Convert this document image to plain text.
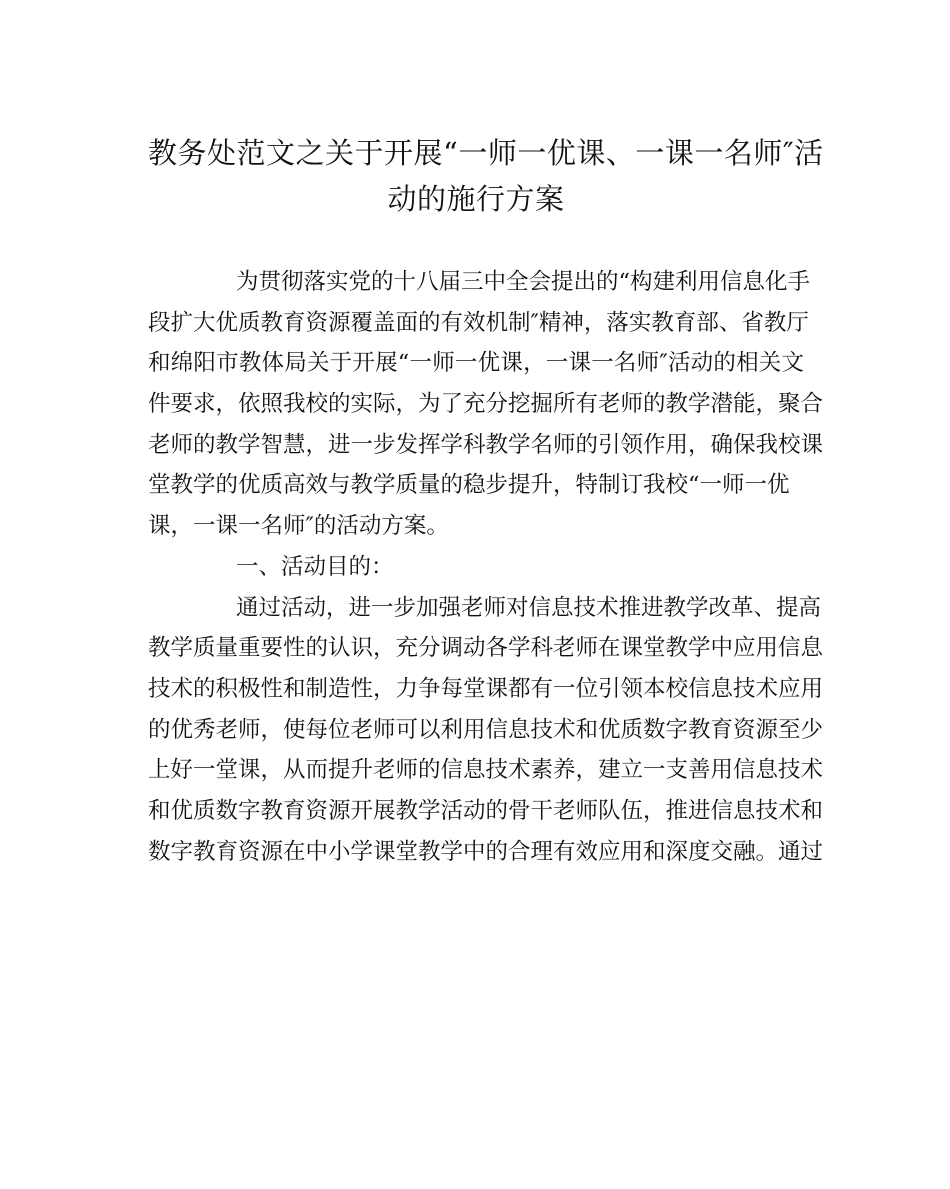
教务处范文之关于开展“一师一优课、一课一名师″活
动的施行方案
为贯彻落实党的十八届三中全会提出的“构建利用信息化手
段扩大优质教育资源覆盖面的有效机制″精神，落实教育部、省教厅
和绵阳市教体局关于开展“一师一优课，一课一名师″活动的相关文
件要求，依照我校的实际，为了充分挖掘所有老师的教学潜能，聚合
老师的教学智慧，进一步发挥学科教学名师的引领作用，确保我校课
堂教学的优质高效与教学质量的稳步提升，特制订我校“一师一优
课，一课一名师″的活动方案。
一、活动目的：
通过活动，进一步加强老师对信息技术推进教学改革、提高
教学质量重要性的认识，充分调动各学科老师在课堂教学中应用信息
技术的积极性和制造性，力争每堂课都有一位引领本校信息技术应用
的优秀老师，使每位老师可以利用信息技术和优质数字教育资源至少
上好一堂课，从而提升老师的信息技术素养，建立一支善用信息技术
和优质数字教育资源开展教学活动的骨干老师队伍，推进信息技术和
数字教育资源在中小学课堂教学中的合理有效应用和深度交融。通过
